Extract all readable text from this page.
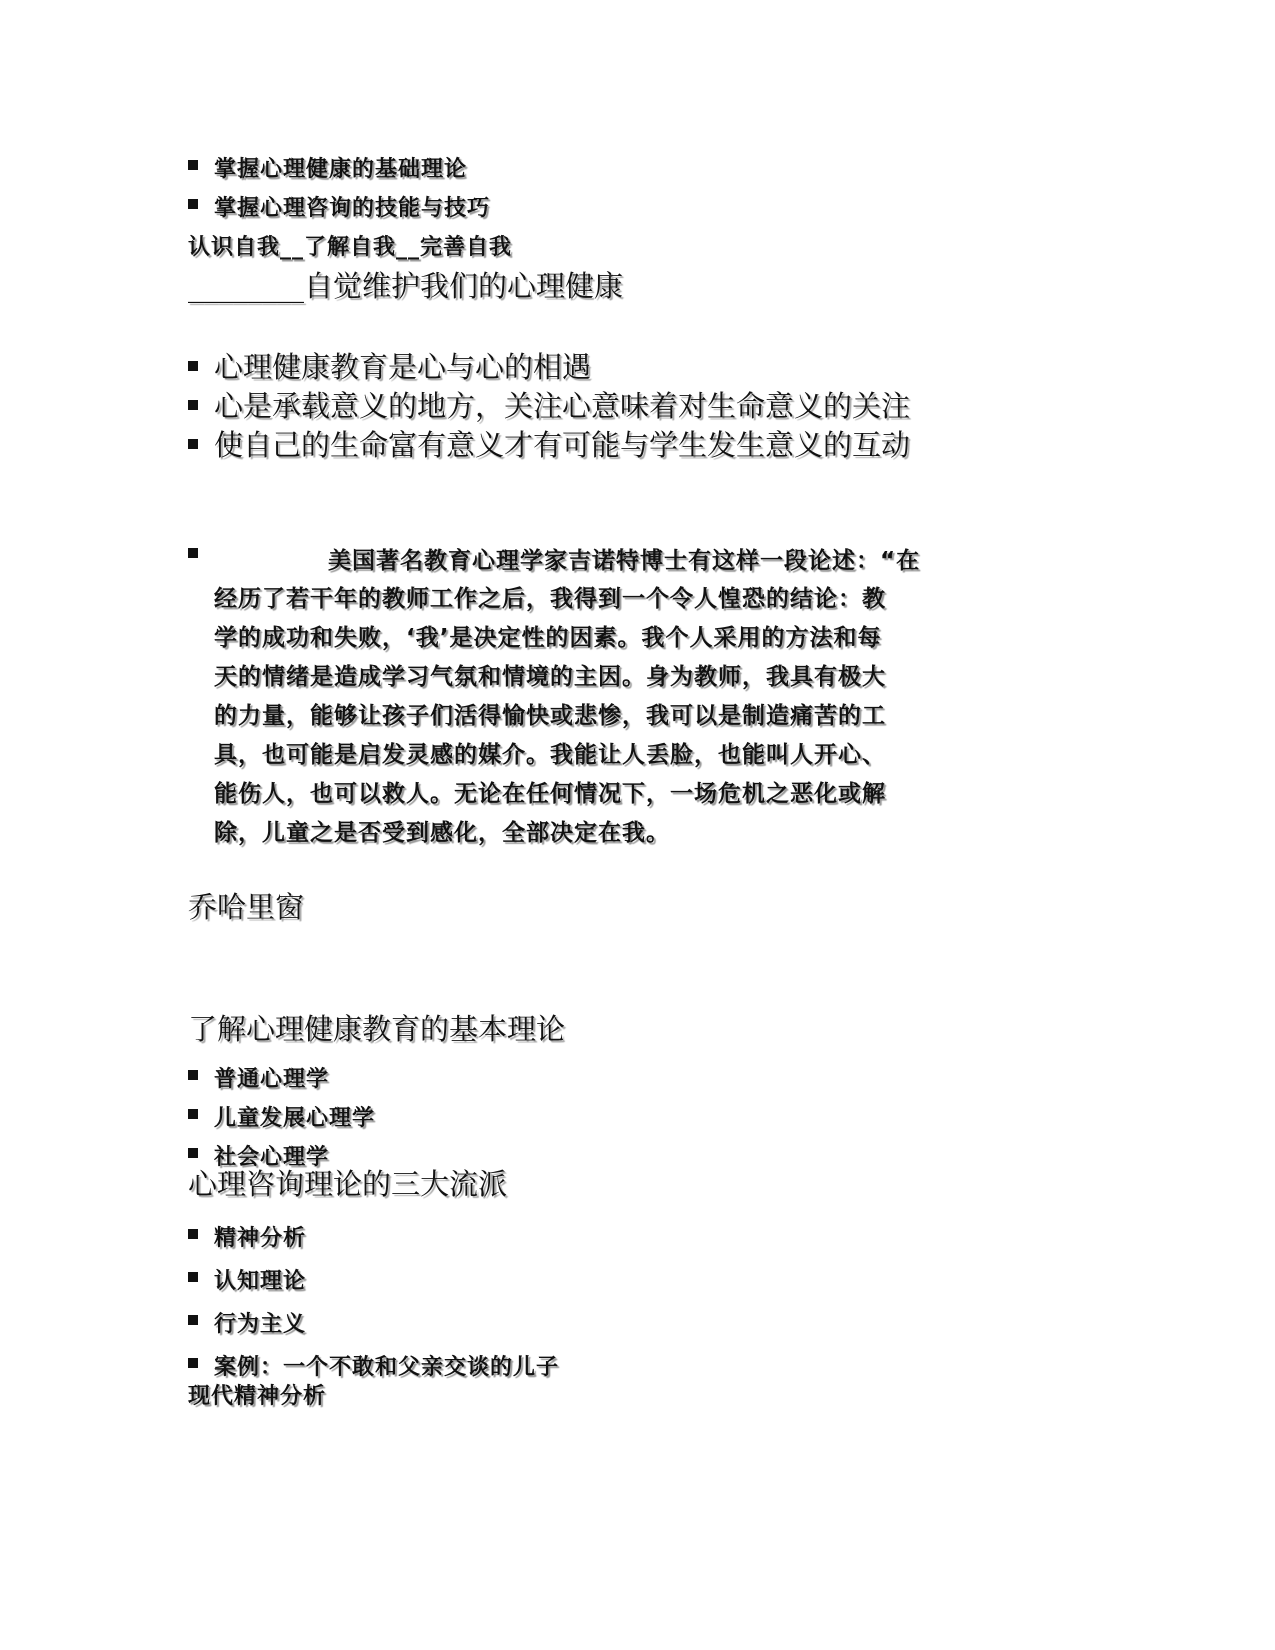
掌握心理健康的基础理论
掌握心理咨询的技能与技巧
认识自我__了解自我__完善自我
________自觉维护我们的心理健康
心理健康教育是心与心的相遇
心是承载意义的地方，关注心意味着对生命意义的关注
使自己的生命富有意义才有可能与学生发生意义的互动
美国著名教育心理学家吉诺特博士有这样一段论述：“在
经历了若干年的教师工作之后，我得到一个令人惶恐的结论：教
学的成功和失败，‘我’是决定性的因素。我个人采用的方法和每
天的情绪是造成学习气氛和情境的主因。身为教师，我具有极大
的力量，能够让孩子们活得愉快或悲惨，我可以是制造痛苦的工
具，也可能是启发灵感的媒介。我能让人丢脸，也能叫人开心、
能伤人，也可以救人。无论在任何情况下，一场危机之恶化或解
除，儿童之是否受到感化，全部决定在我。
乔哈里窗
了解心理健康教育的基本理论
普通心理学
儿童发展心理学
社会心理学
心理咨询理论的三大流派
精神分析
认知理论
行为主义
案例：一个不敢和父亲交谈的儿子
现代精神分析
